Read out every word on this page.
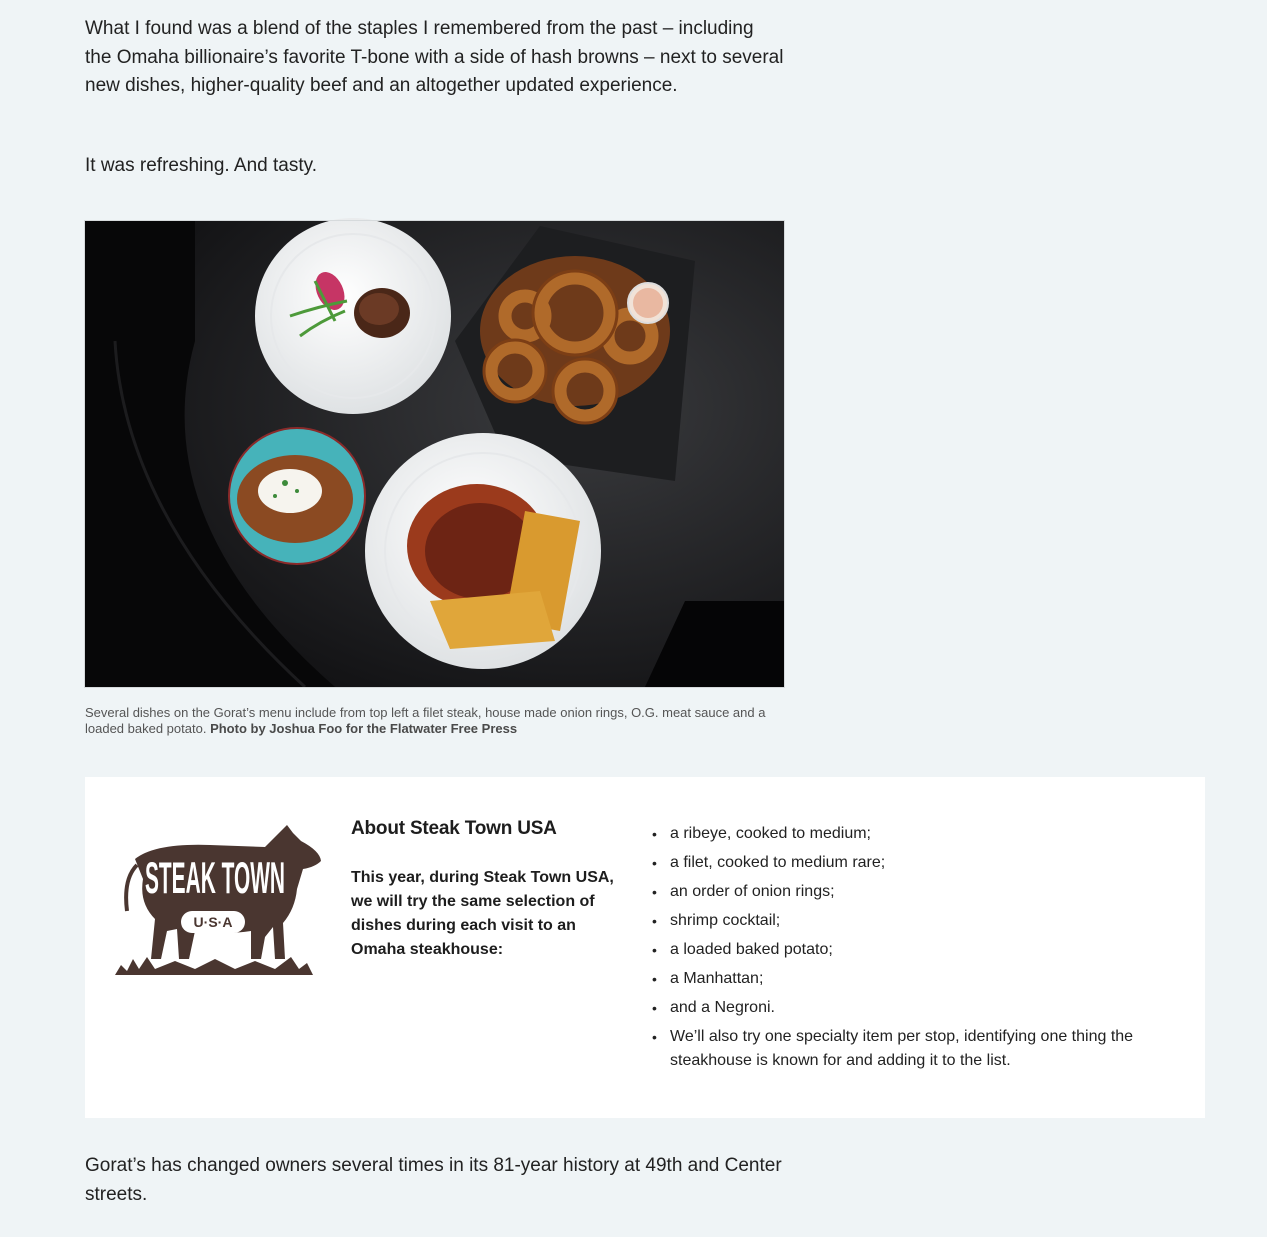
What I found was a blend of the staples I remembered from the past – including the Omaha billionaire’s favorite T-bone with a side of hash browns – next to several new dishes, higher-quality beef and an altogether updated experience.

It was refreshing. And tasty.

Several dishes on the Gorat’s menu include from top left a filet steak, house made onion rings, O.G. meat sauce and a loaded baked potato. Photo by Joshua Foo for the Flatwater Free Press
STEAK TOWN
U·S·A
About Steak Town USA

This year, during Steak Town USA, we will try the same selection of dishes during each visit to an Omaha steakhouse:

• a ribeye, cooked to medium;
• a filet, cooked to medium rare;
• an order of onion rings;
• shrimp cocktail;
• a loaded baked potato;
• a Manhattan;
• and a Negroni.
• We’ll also try one specialty item per stop, identifying one thing the steakhouse is known for and adding it to the list.

Gorat’s has changed owners several times in its 81-year history at 49th and Center streets.
